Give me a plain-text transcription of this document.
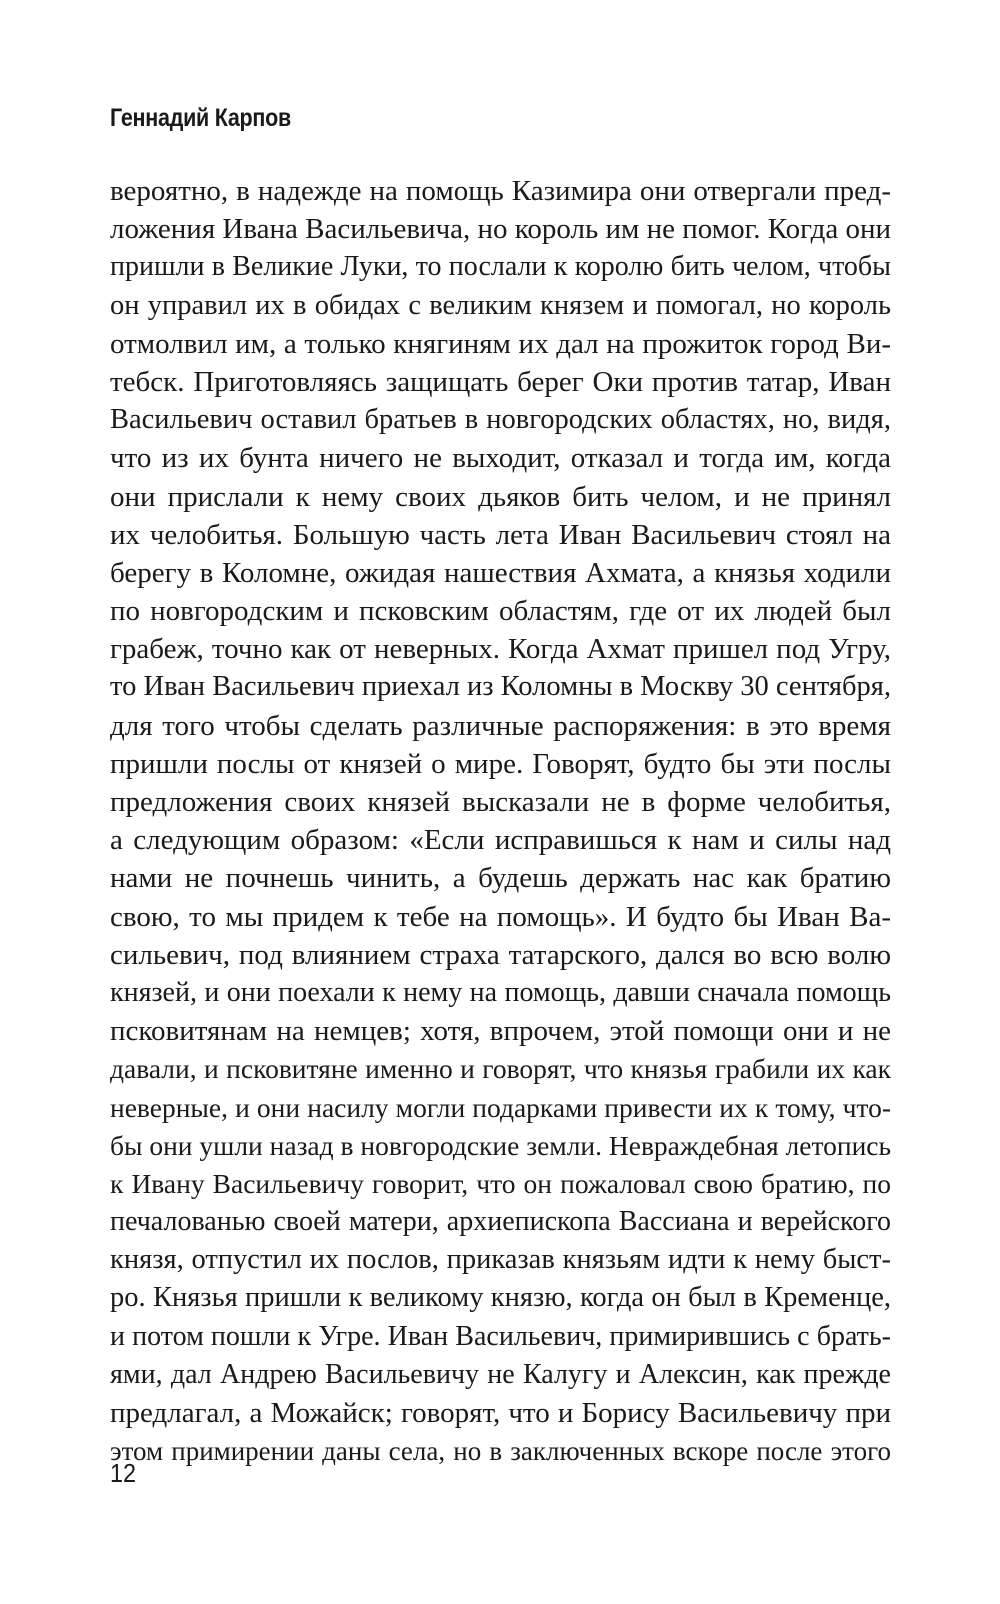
Геннадий Карпов
вероятно, в надежде на помощь Казимира они отвергали пред-
ложения Ивана Васильевича, но король им не помог. Когда они
пришли в Великие Луки, то послали к королю бить челом, чтобы
он управил их в обидах с великим князем и помогал, но король
отмолвил им, а только княгиням их дал на прожиток город Ви-
тебск. Приготовляясь защищать берег Оки против татар, Иван
Васильевич оставил братьев в новгородских областях, но, видя,
что из их бунта ничего не выходит, отказал и тогда им, когда
они прислали к нему своих дьяков бить челом, и не принял
их челобитья. Большую часть лета Иван Васильевич стоял на
берегу в Коломне, ожидая нашествия Ахмата, а князья ходили
по новгородским и псковским областям, где от их людей был
грабеж, точно как от неверных. Когда Ахмат пришел под Угру,
то Иван Васильевич приехал из Коломны в Москву 30 сентября,
для того чтобы сделать различные распоряжения: в это время
пришли послы от князей о мире. Говорят, будто бы эти послы
предложения своих князей высказали не в форме челобитья,
а следующим образом: «Если исправишься к нам и силы над
нами не почнешь чинить, а будешь держать нас как братию
свою, то мы придем к тебе на помощь». И будто бы Иван Ва-
сильевич, под влиянием страха татарского, дался во всю волю
князей, и они поехали к нему на помощь, давши сначала помощь
псковитянам на немцев; хотя, впрочем, этой помощи они и не
давали, и псковитяне именно и говорят, что князья грабили их как
неверные, и они насилу могли подарками привести их к тому, что-
бы они ушли назад в новгородские земли. Невраждебная летопись
к Ивану Васильевичу говорит, что он пожаловал свою братию, по
печалованью своей матери, архиепископа Вассиана и верейского
князя, отпустил их послов, приказав князьям идти к нему быст-
ро. Князья пришли к великому князю, когда он был в Кременце,
и потом пошли к Угре. Иван Васильевич, примирившись с брать-
ями, дал Андрею Васильевичу не Калугу и Алексин, как прежде
предлагал, а Можайск; говорят, что и Борису Васильевичу при
этом примирении даны села, но в заключенных вскоре после этого
12
